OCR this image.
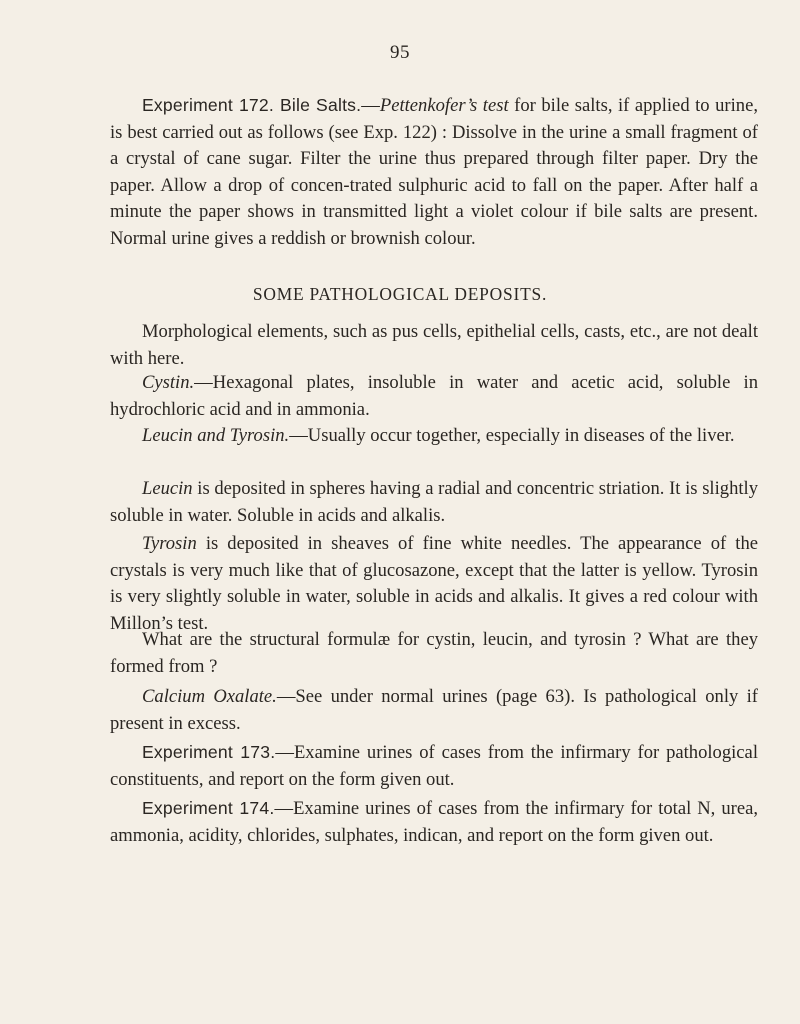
95

Experiment 172. Bile Salts.—Pettenkofer’s test for bile salts, if applied to urine, is best carried out as follows (see Exp. 122) : Dissolve in the urine a small fragment of a crystal of cane sugar. Filter the urine thus prepared through filter paper. Dry the paper. Allow a drop of concen-trated sulphuric acid to fall on the paper. After half a minute the paper shows in transmitted light a violet colour if bile salts are present. Normal urine gives a reddish or brownish colour.

SOME PATHOLOGICAL DEPOSITS.

Morphological elements, such as pus cells, epithelial cells, casts, etc., are not dealt with here.

Cystin.—Hexagonal plates, insoluble in water and acetic acid, soluble in hydrochloric acid and in ammonia.

Leucin and Tyrosin.—Usually occur together, especially in diseases of the liver.

Leucin is deposited in spheres having a radial and concentric striation. It is slightly soluble in water. Soluble in acids and alkalis.

Tyrosin is deposited in sheaves of fine white needles. The appearance of the crystals is very much like that of glucosazone, except that the latter is yellow. Tyrosin is very slightly soluble in water, soluble in acids and alkalis. It gives a red colour with Millon’s test.

What are the structural formulæ for cystin, leucin, and tyrosin ? What are they formed from ?

Calcium Oxalate.—See under normal urines (page 63). Is pathological only if present in excess.

Experiment 173.—Examine urines of cases from the infirmary for pathological constituents, and report on the form given out.

Experiment 174.—Examine urines of cases from the infirmary for total N, urea, ammonia, acidity, chlorides, sulphates, indican, and report on the form given out.
